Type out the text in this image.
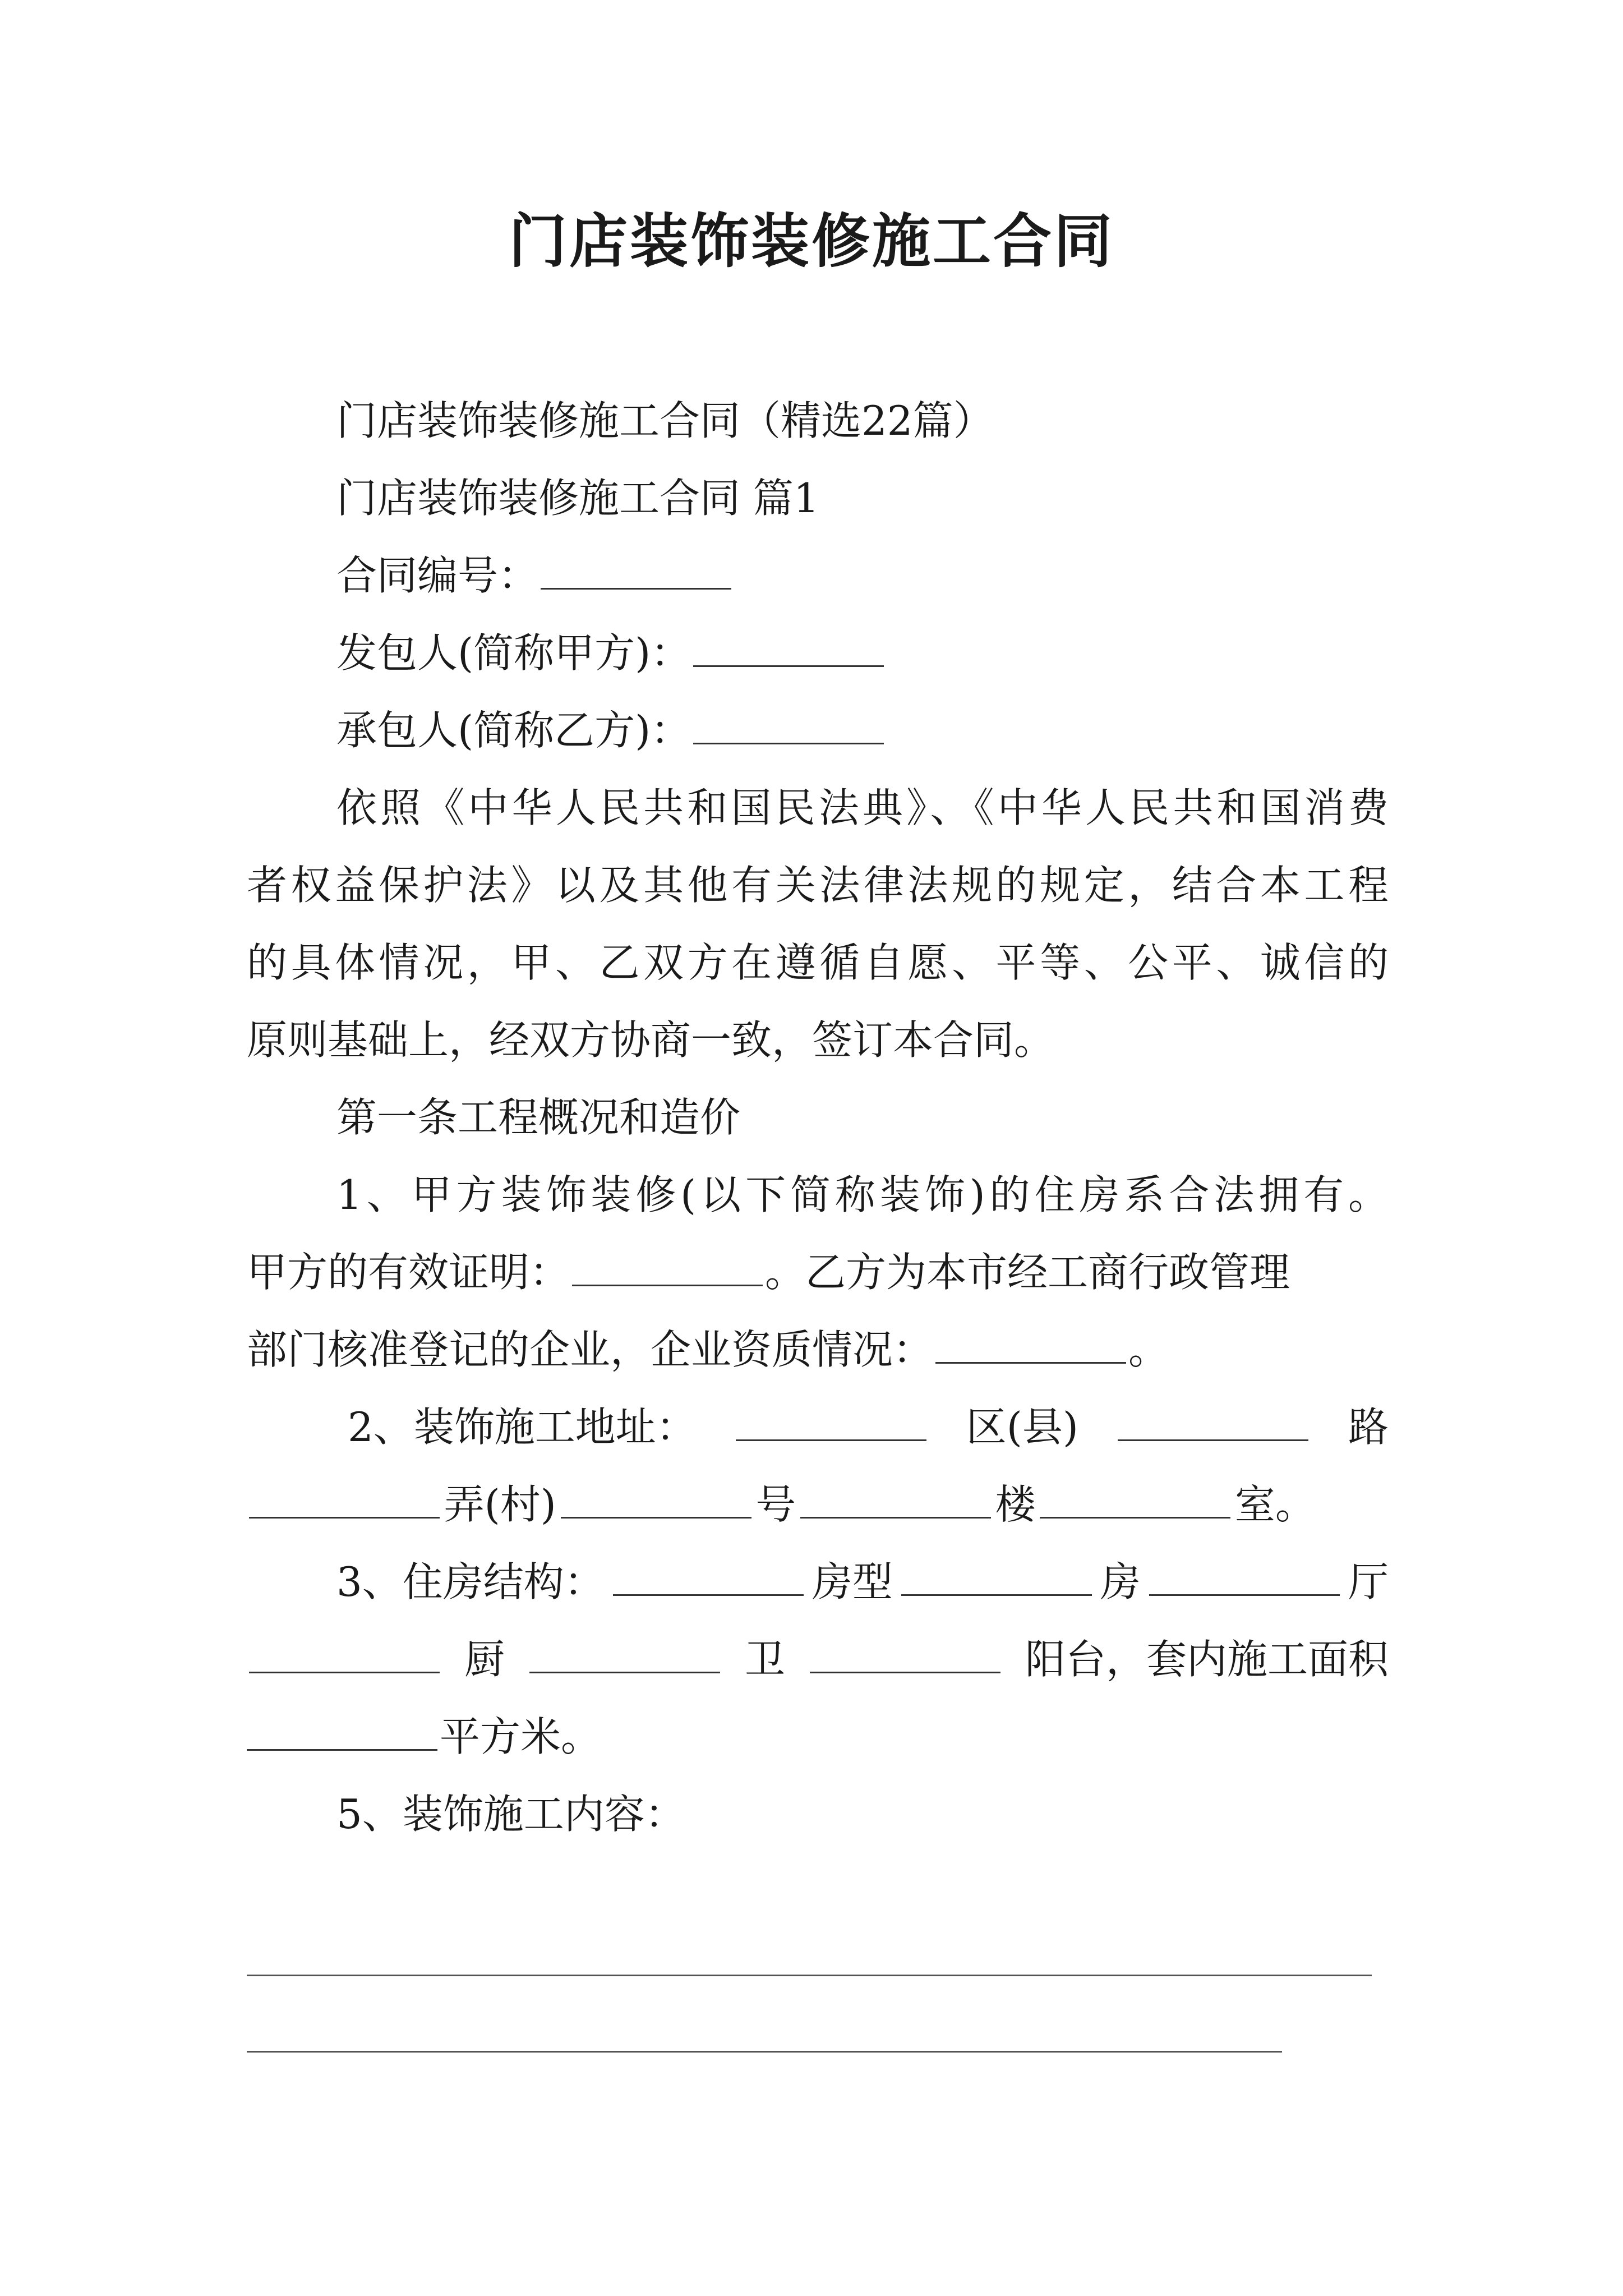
门店装饰装修施工合同
门店装饰装修施工合同（精选22篇）
门店装饰装修施工合同 篇1
合同编号：
发包人(简称甲方)：
承包人(简称乙方)：
依照《中华人民共和国民法典》、《中华人民共和国消费
者权益保护法》以及其他有关法律法规的规定，结合本工程
的具体情况，甲、乙双方在遵循自愿、平等、公平、诚信的
原则基础上，经双方协商一致，签订本合同。
第一条工程概况和造价
1、甲方装饰装修(以下简称装饰)的住房系合法拥有。
甲方的有效证明：	。乙方为本市经工商行政管理
部门核准登记的企业，企业资质情况：	。
2、装饰施工地址：	区(县)	路
弄(村)	号	楼	室。
3、住房结构：	房型	房	厅
厨	卫	阳台，套内施工面积
平方米。
5、装饰施工内容：
